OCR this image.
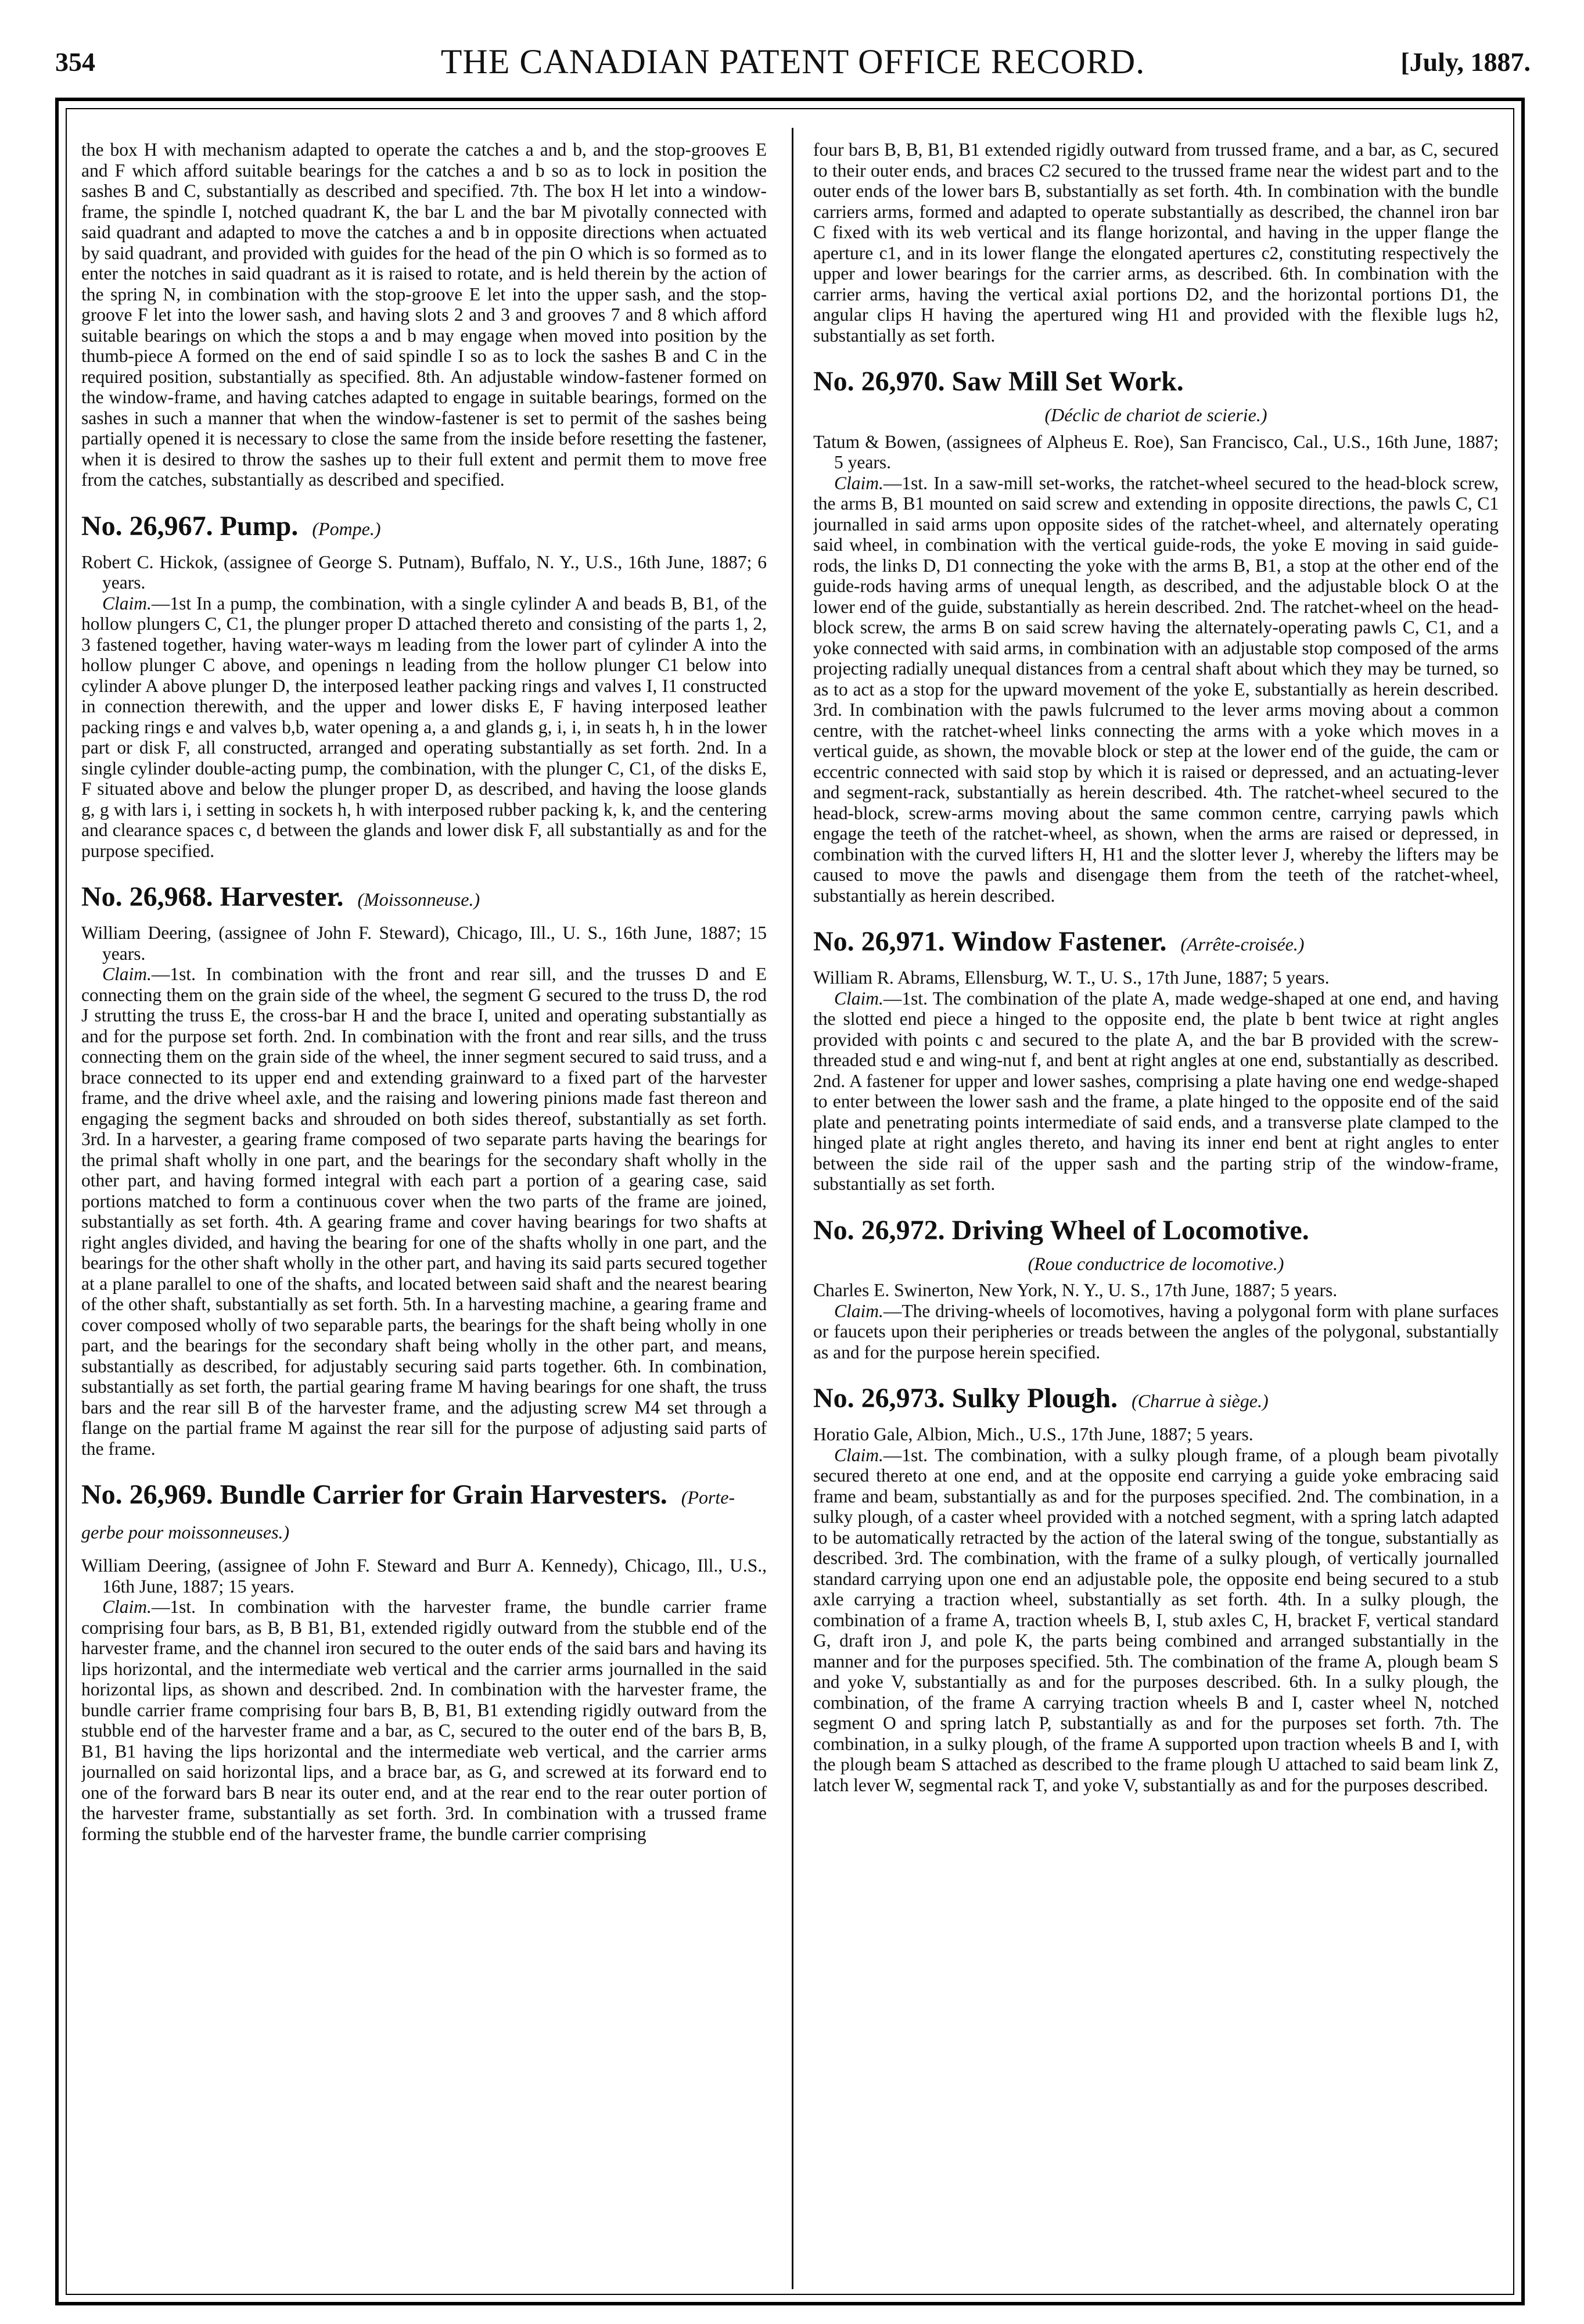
354	THE CANADIAN PATENT OFFICE RECORD.	[July, 1887.

the box H with mechanism adapted to operate the catches a and b, and the stop-grooves E and F which afford suitable bearings for the catches a and b so as to lock in position the sashes B and C, substantially as described and specified. 7th. The box H let into a window-frame, the spindle I, notched quadrant K, the bar L and the bar M pivotally connected with said quadrant and adapted to move the catches a and b in opposite directions when actuated by said quadrant, and provided with guides for the head of the pin O which is so formed as to enter the notches in said quadrant as it is raised to rotate, and is held therein by the action of the spring N, in combination with the stop-groove E let into the upper sash, and the stop-groove F let into the lower sash, and having slots 2 and 3 and grooves 7 and 8 which afford suitable bearings on which the stops a and b may engage when moved into position by the thumb-piece A formed on the end of said spindle I so as to lock the sashes B and C in the required position, substantially as specified. 8th. An adjustable window-fastener formed on the window-frame, and having catches adapted to engage in suitable bearings, formed on the sashes in such a manner that when the window-fastener is set to permit of the sashes being partially opened it is necessary to close the same from the inside before resetting the fastener, when it is desired to throw the sashes up to their full extent and permit them to move free from the catches, substantially as described and specified.

No. 26,967. Pump. (Pompe.)

Robert C. Hickok, (assignee of George S. Putnam), Buffalo, N. Y., U.S., 16th June, 1887; 6 years.

Claim.—1st In a pump, the combination, with a single cylinder A and beads B, B1, of the hollow plungers C, C1, the plunger proper D attached thereto and consisting of the parts 1, 2, 3 fastened together, having water-ways m leading from the lower part of cylinder A into the hollow plunger C above, and openings n leading from the hollow plunger C1 below into cylinder A above plunger D, the interposed leather packing rings and valves I, I1 constructed in connection therewith, and the upper and lower disks E, F having interposed leather packing rings e and valves b,b, water opening a, a and glands g, i, i, in seats h, h in the lower part or disk F, all constructed, arranged and operating substantially as set forth. 2nd. In a single cylinder double-acting pump, the combination, with the plunger C, C1, of the disks E, F situated above and below the plunger proper D, as described, and having the loose glands g, g with lars i, i setting in sockets h, h with interposed rubber packing k, k, and the centering and clearance spaces c, d between the glands and lower disk F, all substantially as and for the purpose specified.

No. 26,968. Harvester. (Moissonneuse.)

William Deering, (assignee of John F. Steward), Chicago, Ill., U. S., 16th June, 1887; 15 years.

Claim.—1st. In combination with the front and rear sill, and the trusses D and E connecting them on the grain side of the wheel, the segment G secured to the truss D, the rod J strutting the truss E, the cross-bar H and the brace I, united and operating substantially as and for the purpose set forth. 2nd. In combination with the front and rear sills, and the truss connecting them on the grain side of the wheel, the inner segment secured to said truss, and a brace connected to its upper end and extending grainward to a fixed part of the harvester frame, and the drive wheel axle, and the raising and lowering pinions made fast thereon and engaging the segment backs and shrouded on both sides thereof, substantially as set forth. 3rd. In a harvester, a gearing frame composed of two separate parts having the bearings for the primal shaft wholly in one part, and the bearings for the secondary shaft wholly in the other part, and having formed integral with each part a portion of a gearing case, said portions matched to form a continuous cover when the two parts of the frame are joined, substantially as set forth. 4th. A gearing frame and cover having bearings for two shafts at right angles divided, and having the bearing for one of the shafts wholly in one part, and the bearings for the other shaft wholly in the other part, and having its said parts secured together at a plane parallel to one of the shafts, and located between said shaft and the nearest bearing of the other shaft, substantially as set forth. 5th. In a harvesting machine, a gearing frame and cover composed wholly of two separable parts, the bearings for the shaft being wholly in one part, and the bearings for the secondary shaft being wholly in the other part, and means, substantially as described, for adjustably securing said parts together. 6th. In combination, substantially as set forth, the partial gearing frame M having bearings for one shaft, the truss bars and the rear sill B of the harvester frame, and the adjusting screw M4 set through a flange on the partial frame M against the rear sill for the purpose of adjusting said parts of the frame.

No. 26,969. Bundle Carrier for Grain Harvesters. (Porte-gerbe pour moissonneuses.)

William Deering, (assignee of John F. Steward and Burr A. Kennedy), Chicago, Ill., U.S., 16th June, 1887; 15 years.

Claim.—1st. In combination with the harvester frame, the bundle carrier frame comprising four bars, as B, B B1, B1, extended rigidly outward from the stubble end of the harvester frame, and the channel iron secured to the outer ends of the said bars and having its lips horizontal, and the intermediate web vertical and the carrier arms journalled in the said horizontal lips, as shown and described. 2nd. In combination with the harvester frame, the bundle carrier frame comprising four bars B, B, B1, B1 extending rigidly outward from the stubble end of the harvester frame and a bar, as C, secured to the outer end of the bars B, B, B1, B1 having the lips horizontal and the intermediate web vertical, and the carrier arms journalled on said horizontal lips, and a brace bar, as G, and screwed at its forward end to one of the forward bars B near its outer end, and at the rear end to the rear outer portion of the harvester frame, substantially as set forth. 3rd. In combination with a trussed frame forming the stubble end of the harvester frame, the bundle carrier comprising

four bars B, B, B1, B1 extended rigidly outward from trussed frame, and a bar, as C, secured to their outer ends, and braces C2 secured to the trussed frame near the widest part and to the outer ends of the lower bars B, substantially as set forth. 4th. In combination with the bundle carriers arms, formed and adapted to operate substantially as described, the channel iron bar C fixed with its web vertical and its flange horizontal, and having in the upper flange the aperture c1, and in its lower flange the elongated apertures c2, constituting respectively the upper and lower bearings for the carrier arms, as described. 6th. In combination with the carrier arms, having the vertical axial portions D2, and the horizontal portions D1, the angular clips H having the apertured wing H1 and provided with the flexible lugs h2, substantially as set forth.

No. 26,970. Saw Mill Set Work.
(Déclic de chariot de scierie.)

Tatum & Bowen, (assignees of Alpheus E. Roe), San Francisco, Cal., U.S., 16th June, 1887; 5 years.

Claim.—1st. In a saw-mill set-works, the ratchet-wheel secured to the head-block screw, the arms B, B1 mounted on said screw and extending in opposite directions, the pawls C, C1 journalled in said arms upon opposite sides of the ratchet-wheel, and alternately operating said wheel, in combination with the vertical guide-rods, the yoke E moving in said guide-rods, the links D, D1 connecting the yoke with the arms B, B1, a stop at the other end of the guide-rods having arms of unequal length, as described, and the adjustable block O at the lower end of the guide, substantially as herein described. 2nd. The ratchet-wheel on the head-block screw, the arms B on said screw having the alternately-operating pawls C, C1, and a yoke connected with said arms, in combination with an adjustable stop composed of the arms projecting radially unequal distances from a central shaft about which they may be turned, so as to act as a stop for the upward movement of the yoke E, substantially as herein described. 3rd. In combination with the pawls fulcrumed to the lever arms moving about a common centre, with the ratchet-wheel links connecting the arms with a yoke which moves in a vertical guide, as shown, the movable block or step at the lower end of the guide, the cam or eccentric connected with said stop by which it is raised or depressed, and an actuating-lever and segment-rack, substantially as herein described. 4th. The ratchet-wheel secured to the head-block, screw-arms moving about the same common centre, carrying pawls which engage the teeth of the ratchet-wheel, as shown, when the arms are raised or depressed, in combination with the curved lifters H, H1 and the slotter lever J, whereby the lifters may be caused to move the pawls and disengage them from the teeth of the ratchet-wheel, substantially as herein described.

No. 26,971. Window Fastener. (Arrête-croisée.)

William R. Abrams, Ellensburg, W. T., U. S., 17th June, 1887; 5 years.

Claim.—1st. The combination of the plate A, made wedge-shaped at one end, and having the slotted end piece a hinged to the opposite end, the plate b bent twice at right angles provided with points c and secured to the plate A, and the bar B provided with the screw-threaded stud e and wing-nut f, and bent at right angles at one end, substantially as described. 2nd. A fastener for upper and lower sashes, comprising a plate having one end wedge-shaped to enter between the lower sash and the frame, a plate hinged to the opposite end of the said plate and penetrating points intermediate of said ends, and a transverse plate clamped to the hinged plate at right angles thereto, and having its inner end bent at right angles to enter between the side rail of the upper sash and the parting strip of the window-frame, substantially as set forth.

No. 26,972. Driving Wheel of Locomotive.
(Roue conductrice de locomotive.)

Charles E. Swinerton, New York, N. Y., U. S., 17th June, 1887; 5 years.

Claim.—The driving-wheels of locomotives, having a polygonal form with plane surfaces or faucets upon their peripheries or treads between the angles of the polygonal, substantially as and for the purpose herein specified.

No. 26,973. Sulky Plough. (Charrue à siège.)

Horatio Gale, Albion, Mich., U.S., 17th June, 1887; 5 years.

Claim.—1st. The combination, with a sulky plough frame, of a plough beam pivotally secured thereto at one end, and at the opposite end carrying a guide yoke embracing said frame and beam, substantially as and for the purposes specified. 2nd. The combination, in a sulky plough, of a caster wheel provided with a notched segment, with a spring latch adapted to be automatically retracted by the action of the lateral swing of the tongue, substantially as described. 3rd. The combination, with the frame of a sulky plough, of vertically journalled standard carrying upon one end an adjustable pole, the opposite end being secured to a stub axle carrying a traction wheel, substantially as set forth. 4th. In a sulky plough, the combination of a frame A, traction wheels B, I, stub axles C, H, bracket F, vertical standard G, draft iron J, and pole K, the parts being combined and arranged substantially in the manner and for the purposes specified. 5th. The combination of the frame A, plough beam S and yoke V, substantially as and for the purposes described. 6th. In a sulky plough, the combination, of the frame A carrying traction wheels B and I, caster wheel N, notched segment O and spring latch P, substantially as and for the purposes set forth. 7th. The combination, in a sulky plough, of the frame A supported upon traction wheels B and I, with the plough beam S attached as described to the frame plough U attached to said beam link Z, latch lever W, segmental rack T, and yoke V, substantially as and for the purposes described.
